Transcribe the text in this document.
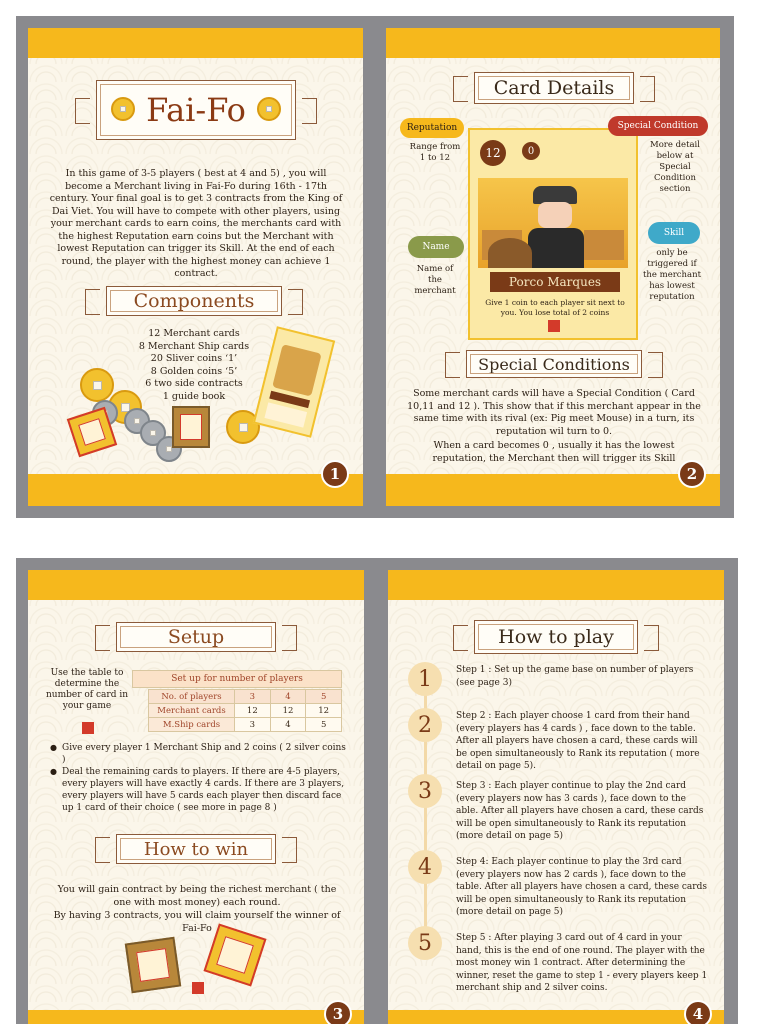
Fai-Fo
In this game of 3-5 players ( best at 4 and 5) , you will become a Merchant living in Fai-Fo during 16th - 17th century. Your final goal is to get 3 contracts from the King of Dai Viet. You will have to compete with other players, using your merchant cards to earn coins, the merchants card with the highest Reputation earn coins but the Merchant with lowest Reputation can trigger its Skill. At the end of each round, the player with the highest money can achieve 1 contract.
Components
12 Merchant cards
8 Merchant Ship cards
20 Sliver coins ‘1’
8 Golden coins ‘5’
6 two side contracts
1 guide book
1
Card Details
12	0
Porco Marques
Give 1 coin to each player sit next to you. You lose total of 2 coins
Reputation
Range from 1 to 12
Special Condition
More detail below at Special Condition section
Name
Name of the merchant
Skill
only be triggered if the merchant has lowest reputation
Special Conditions
Some merchant cards will have a Special Condition ( Card 10,11 and 12 ). This show that if this merchant appear in the same time with its rival (ex: Pig meet Mouse) in a turn, its reputation wil turn to 0.
When a card becomes 0 , usually it has the lowest reputation, the Merchant then will trigger its Skill
2
Setup
Use the table to determine the number of card in your game
Set up for number of players
No. of players	3	4	5
Merchant cards	12	12	12
M.Ship cards	3	4	5
● Give every player 1 Merchant Ship and 2 coins ( 2 silver coins )
● Deal the remaining cards to players. If there are 4-5 players, every players will have exactly 4 cards. If there are 3 players, every players will have 5 cards each player then discard face up 1 card of their choice ( see more in page 8 )
How to win
You will gain contract by being the richest merchant ( the one with most money) each round.
By having 3 contracts, you will claim yourself the winner of Fai-Fo
3
How to play
1	Step 1 : Set up the game base on number of players (see page 3)
2	Step 2 : Each player choose 1 card from their hand (every players has 4 cards ) , face down to the table. After all players have chosen a card, these cards will be open simultaneously to Rank its reputation ( more detail on page 5).
3	Step 3 : Each player continue to play the 2nd card (every players now has 3 cards ), face down to the able. After all players have chosen a card, these cards will be open simultaneously to Rank its reputation (more detail on page 5)
4	Step 4: Each player continue to play the 3rd card (every players now has 2 cards ), face down to the table. After all players have chosen a card, these cards will be open simultaneously to Rank its reputation (more detail on page 5)
5	Step 5 : After playing 3 card out of 4 card in your hand, this is the end of one round. The player with the most money win 1 contract. After determining the winner, reset the game to step 1 - every players keep 1 merchant ship and 2 silver coins.
4
